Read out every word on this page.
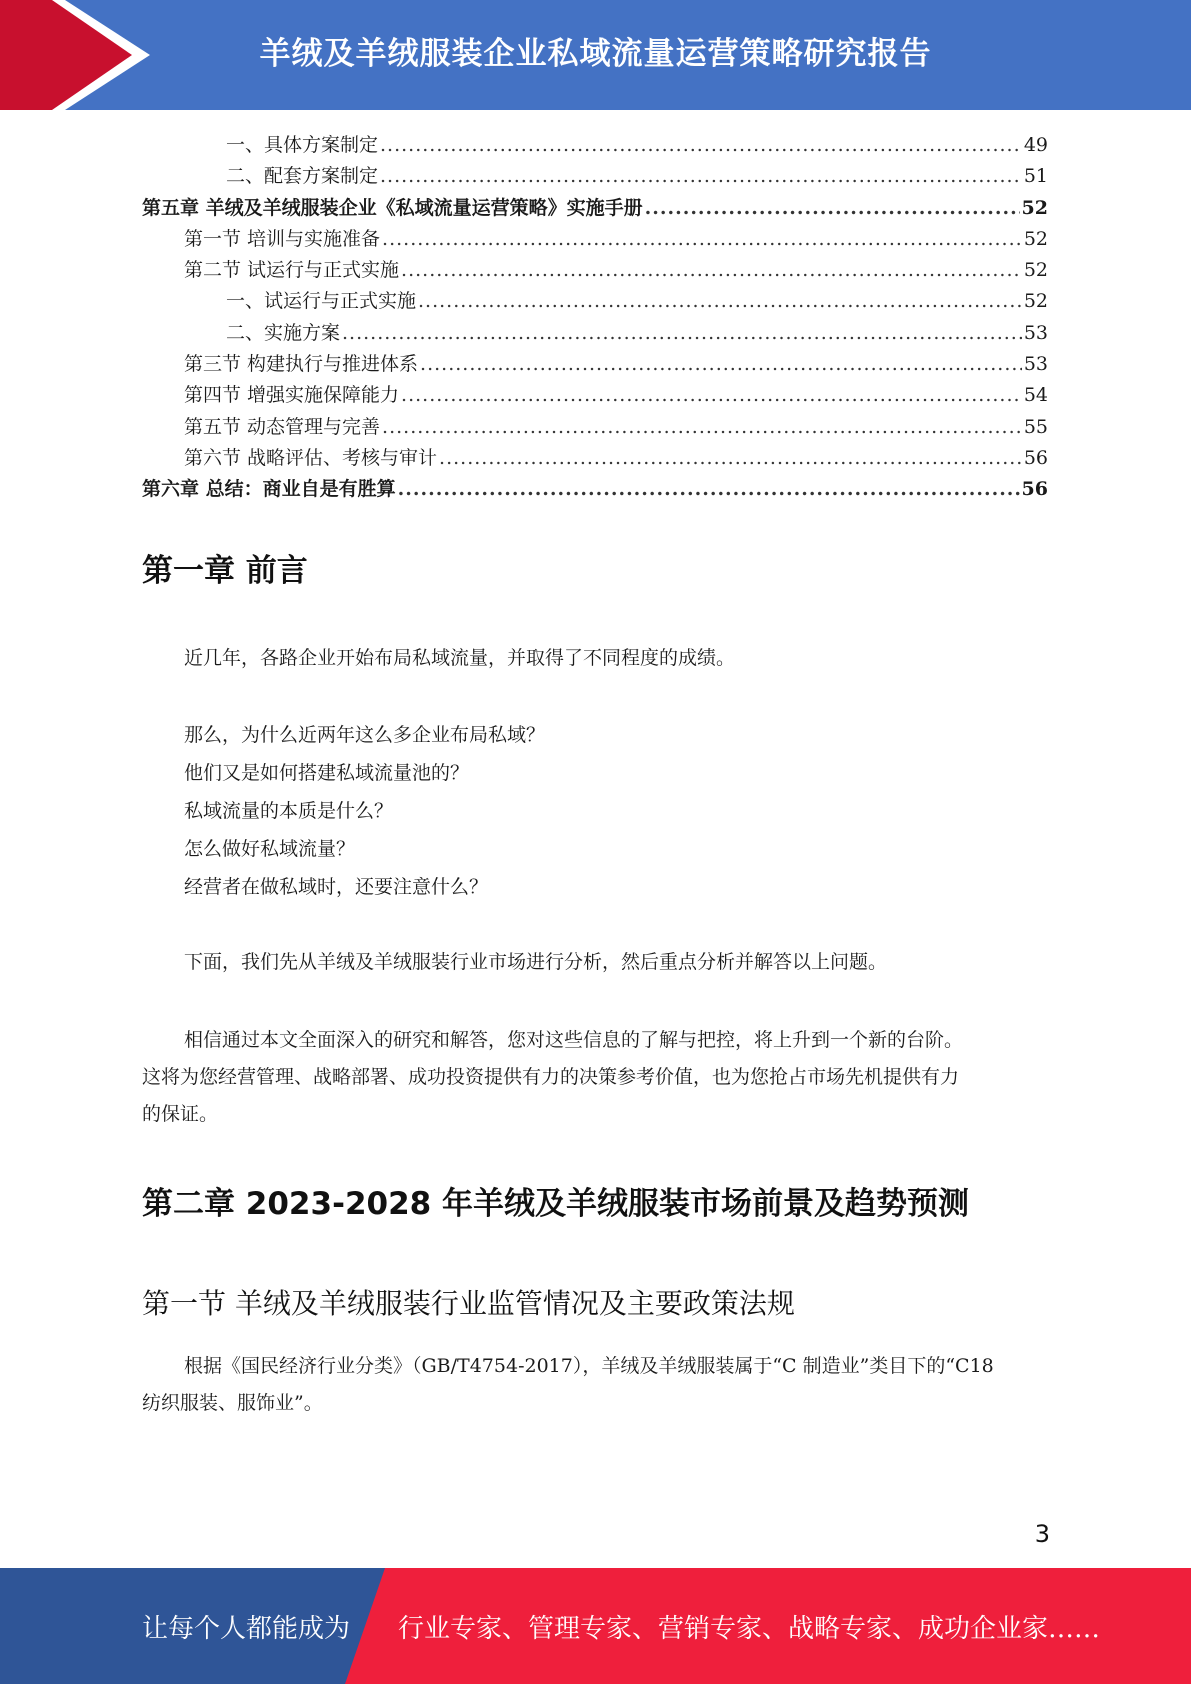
羊绒及羊绒服装企业私域流量运营策略研究报告
一、具体方案制定 .....	49
二、配套方案制定 .....	51
第五章 羊绒及羊绒服装企业《私域流量运营策略》实施手册 .....	52
第一节 培训与实施准备 .....	52
第二节 试运行与正式实施 .....	52
一、试运行与正式实施 .....	52
二、实施方案 .....	53
第三节 构建执行与推进体系 .....	53
第四节 增强实施保障能力 .....	54
第五节 动态管理与完善 .....	55
第六节 战略评估、考核与审计 .....	56
第六章 总结：商业自是有胜算 .....	56
第一章 前言
近几年，各路企业开始布局私域流量，并取得了不同程度的成绩。
那么，为什么近两年这么多企业布局私域？
他们又是如何搭建私域流量池的？
私域流量的本质是什么？
怎么做好私域流量？
经营者在做私域时，还要注意什么？
下面，我们先从羊绒及羊绒服装行业市场进行分析，然后重点分析并解答以上问题。
相信通过本文全面深入的研究和解答，您对这些信息的了解与把控，将上升到一个新的台阶。
这将为您经营管理、战略部署、成功投资提供有力的决策参考价值，也为您抢占市场先机提供有力
的保证。
第二章 2023-2028 年羊绒及羊绒服装市场前景及趋势预测
第一节 羊绒及羊绒服装行业监管情况及主要政策法规
根据《国民经济行业分类》（GB/T4754-2017），羊绒及羊绒服装属于“C 制造业”类目下的“C18
纺织服装、服饰业”。
3
让每个人都能成为 行业专家、管理专家、营销专家、战略专家、成功企业家……
